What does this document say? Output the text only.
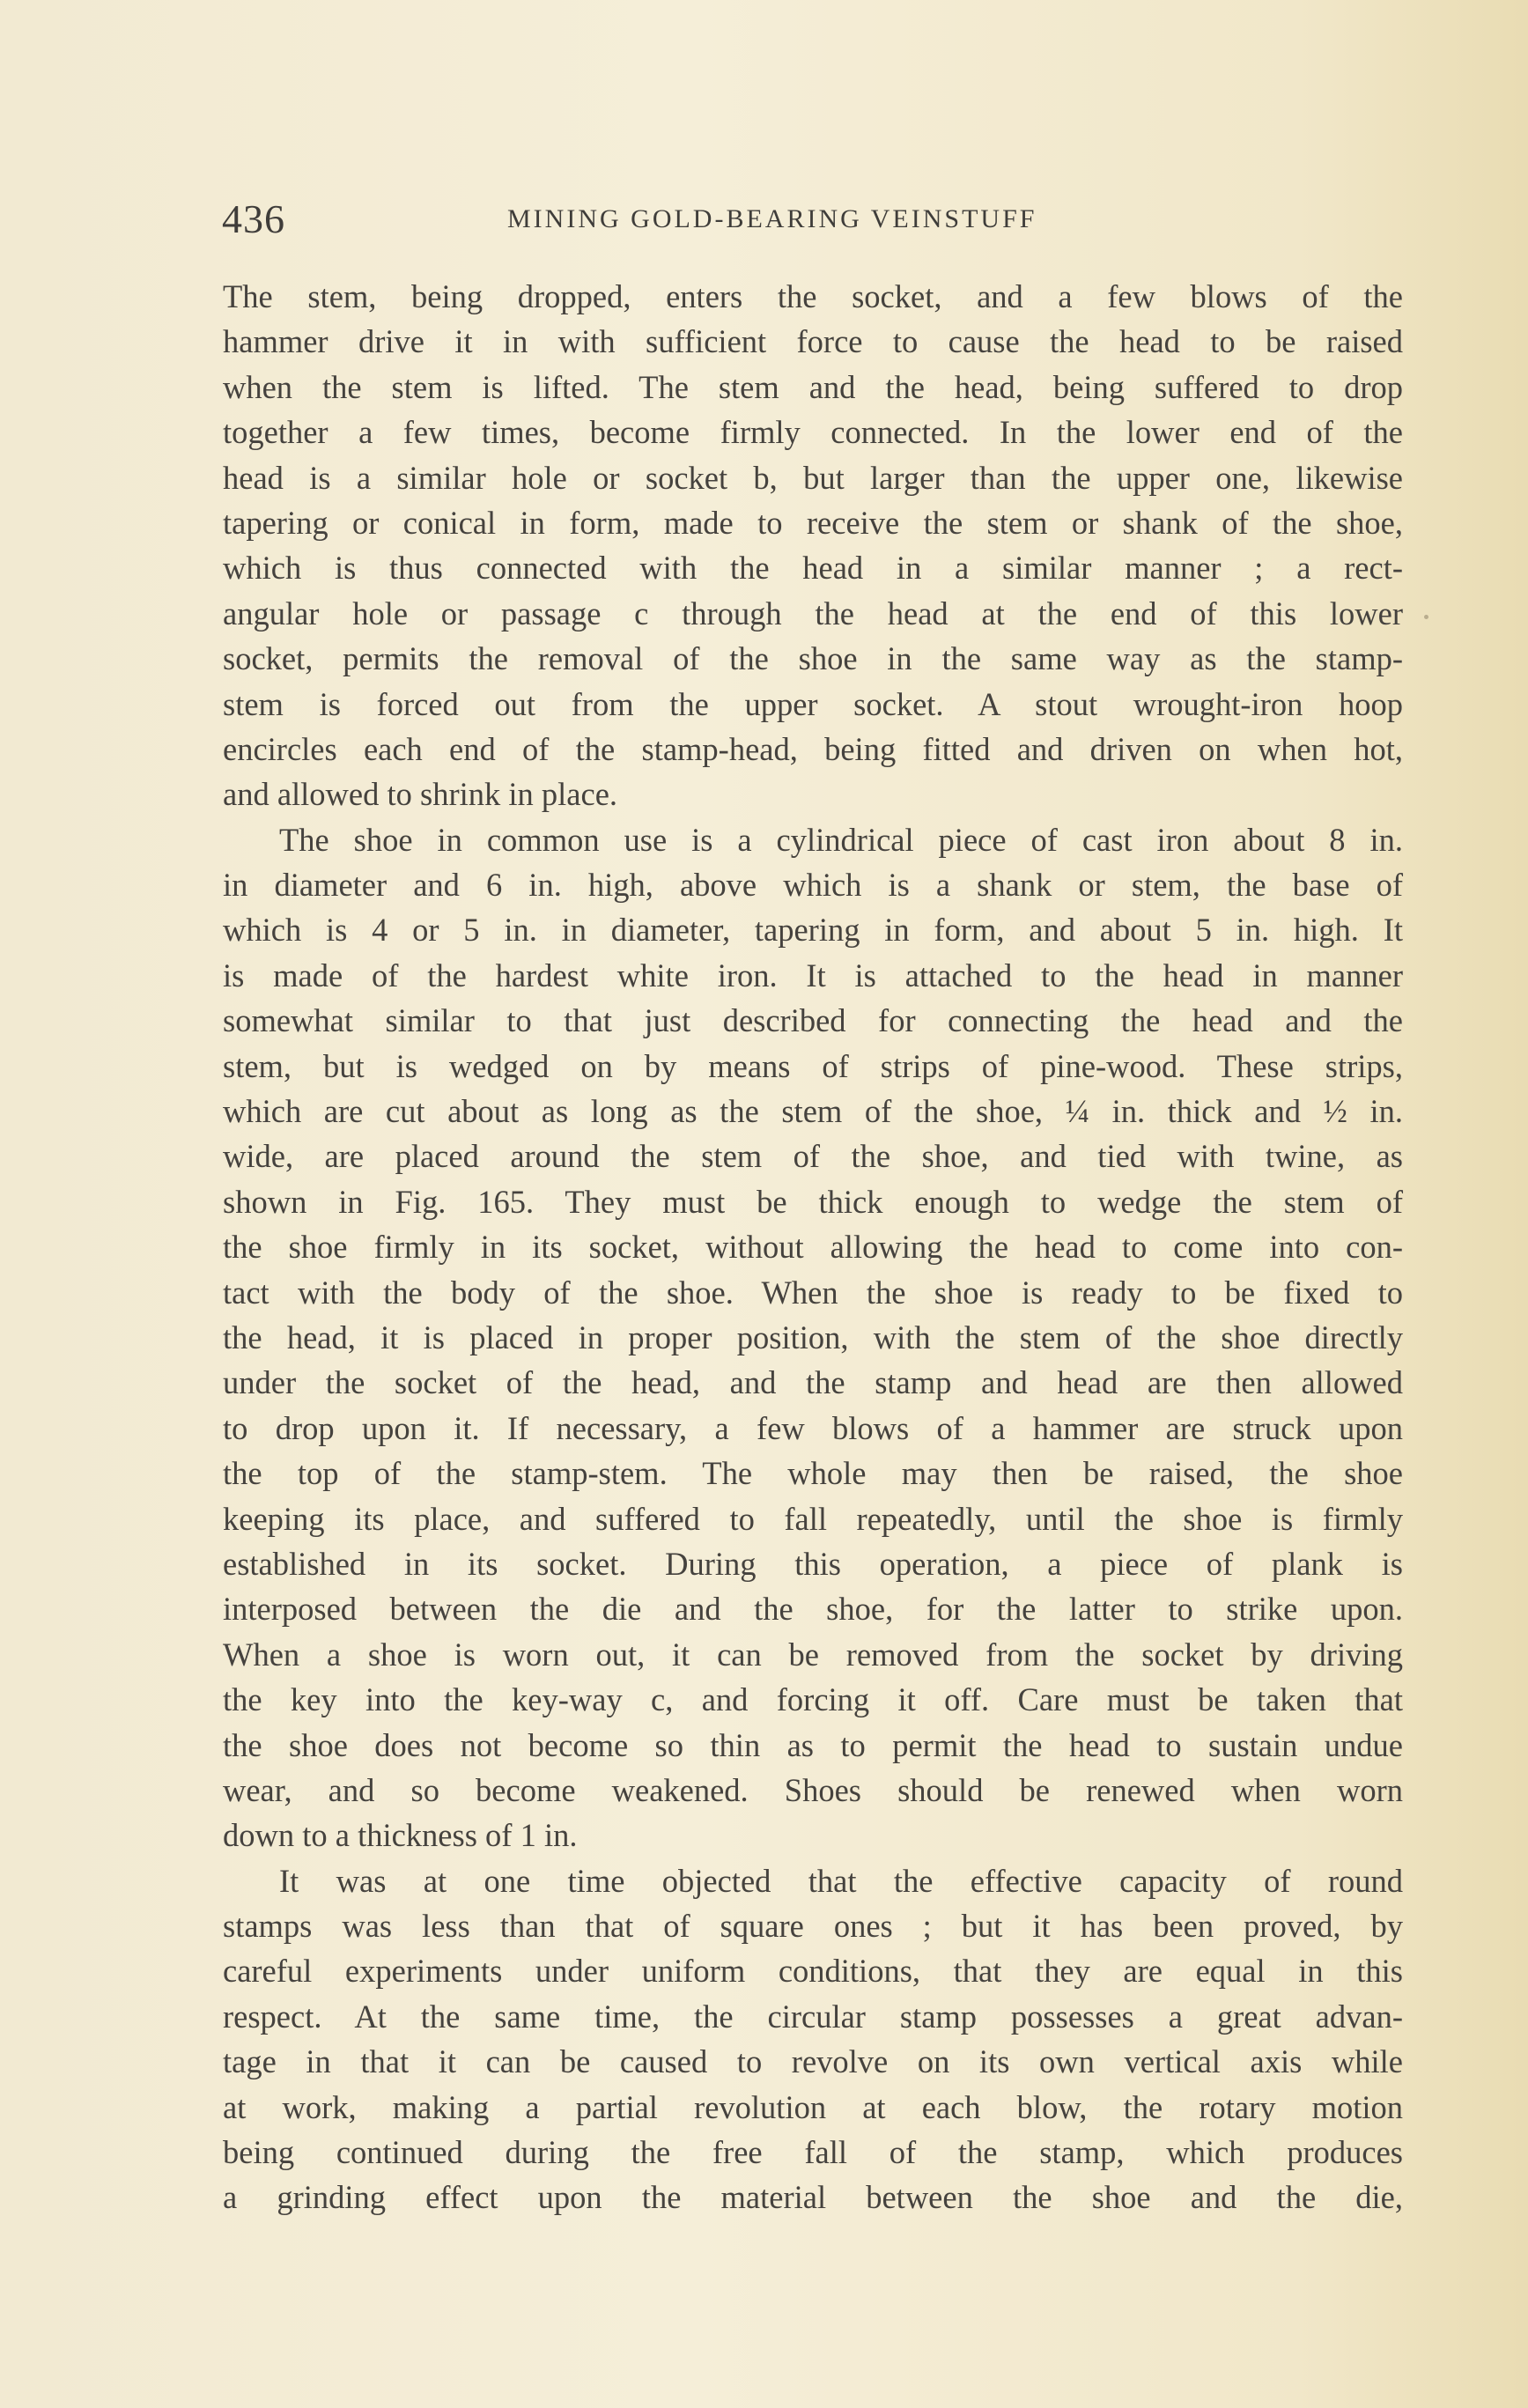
436	MINING GOLD-BEARING VEINSTUFF
The stem, being dropped, enters the socket, and a few blows of the
hammer drive it in with sufficient force to cause the head to be raised
when the stem is lifted. The stem and the head, being suffered to drop
together a few times, become firmly connected. In the lower end of the
head is a similar hole or socket b, but larger than the upper one, likewise
tapering or conical in form, made to receive the stem or shank of the shoe,
which is thus connected with the head in a similar manner ; a rect-
angular hole or passage c through the head at the end of this lower
socket, permits the removal of the shoe in the same way as the stamp-
stem is forced out from the upper socket. A stout wrought-iron hoop
encircles each end of the stamp-head, being fitted and driven on when hot,
and allowed to shrink in place.
The shoe in common use is a cylindrical piece of cast iron about 8 in.
in diameter and 6 in. high, above which is a shank or stem, the base of
which is 4 or 5 in. in diameter, tapering in form, and about 5 in. high. It
is made of the hardest white iron. It is attached to the head in manner
somewhat similar to that just described for connecting the head and the
stem, but is wedged on by means of strips of pine-wood. These strips,
which are cut about as long as the stem of the shoe, ¼ in. thick and ½ in.
wide, are placed around the stem of the shoe, and tied with twine, as
shown in Fig. 165. They must be thick enough to wedge the stem of
the shoe firmly in its socket, without allowing the head to come into con-
tact with the body of the shoe. When the shoe is ready to be fixed to
the head, it is placed in proper position, with the stem of the shoe directly
under the socket of the head, and the stamp and head are then allowed
to drop upon it. If necessary, a few blows of a hammer are struck upon
the top of the stamp-stem. The whole may then be raised, the shoe
keeping its place, and suffered to fall repeatedly, until the shoe is firmly
established in its socket. During this operation, a piece of plank is
interposed between the die and the shoe, for the latter to strike upon.
When a shoe is worn out, it can be removed from the socket by driving
the key into the key-way c, and forcing it off. Care must be taken that
the shoe does not become so thin as to permit the head to sustain undue
wear, and so become weakened. Shoes should be renewed when worn
down to a thickness of 1 in.
It was at one time objected that the effective capacity of round
stamps was less than that of square ones ; but it has been proved, by
careful experiments under uniform conditions, that they are equal in this
respect. At the same time, the circular stamp possesses a great advan-
tage in that it can be caused to revolve on its own vertical axis while
at work, making a partial revolution at each blow, the rotary motion
being continued during the free fall of the stamp, which produces
a grinding effect upon the material between the shoe and the die,
